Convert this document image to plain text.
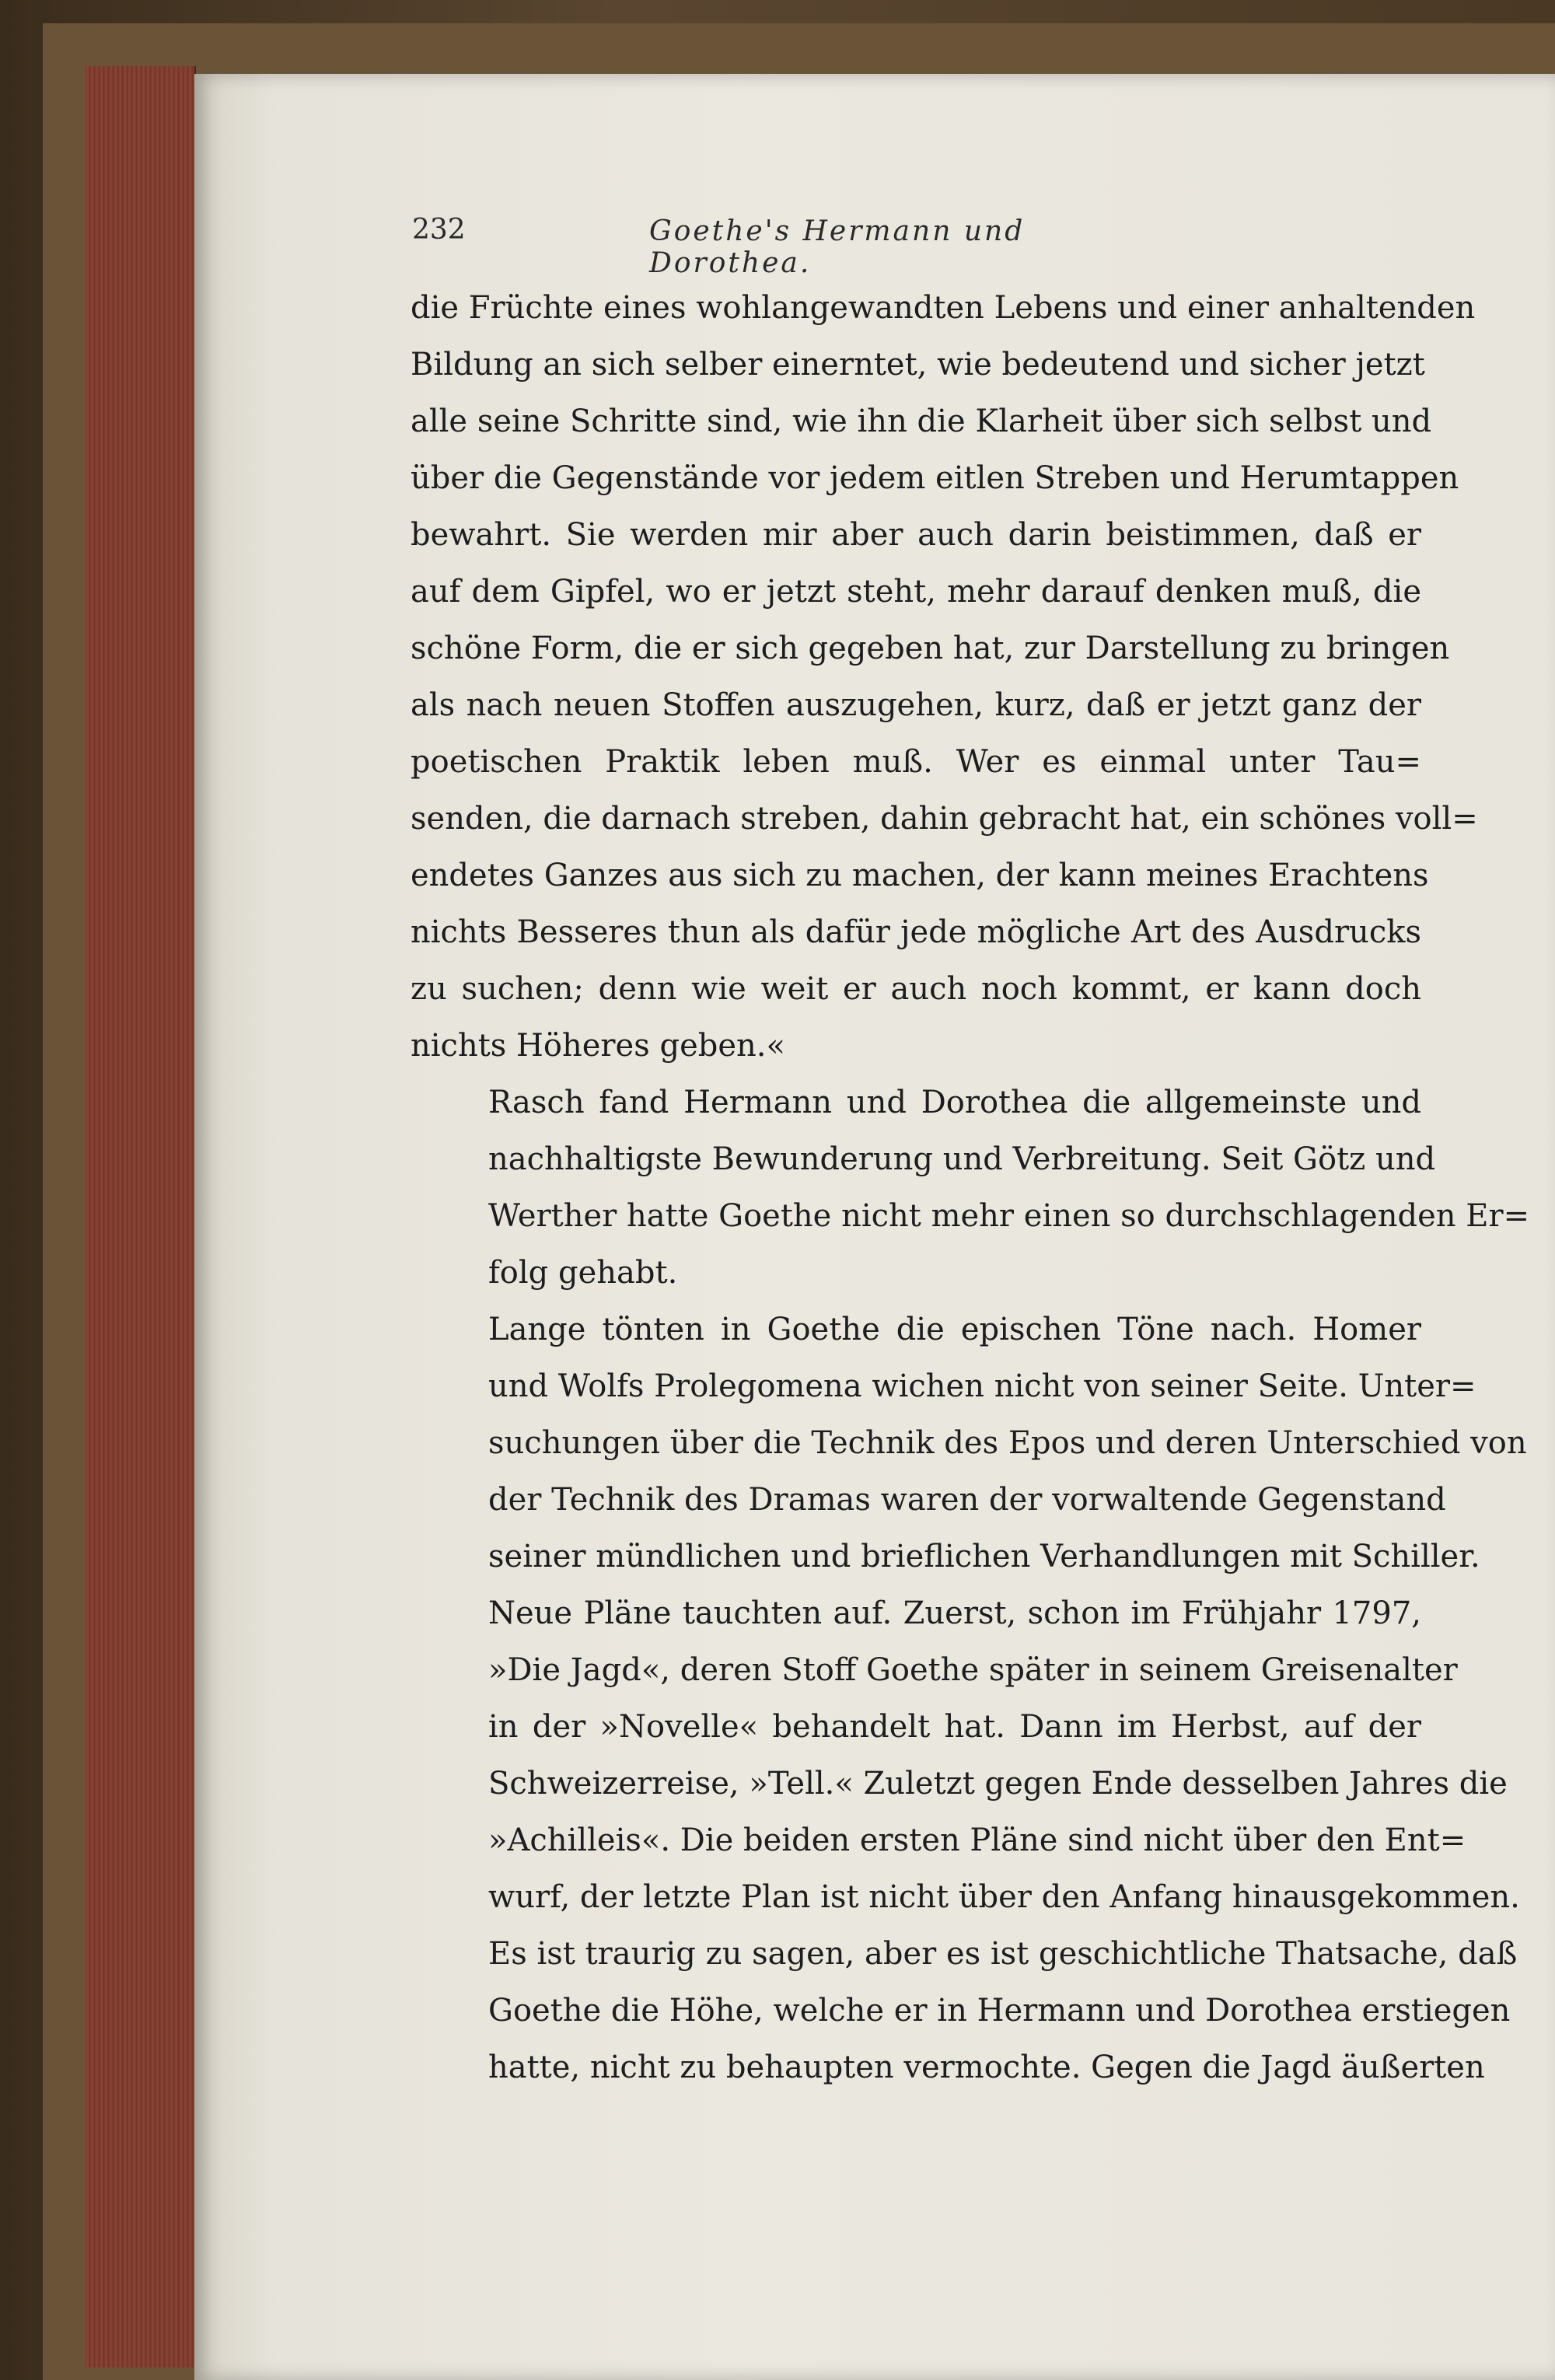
232	Goethe's Hermann und Dorothea.
die Früchte eines wohlangewandten Lebens und einer anhaltenden
Bildung an sich selber einerntet, wie bedeutend und sicher jetzt
alle seine Schritte sind, wie ihn die Klarheit über sich selbst und
über die Gegenstände vor jedem eitlen Streben und Herumtappen
bewahrt. Sie werden mir aber auch darin beistimmen, daß er
auf dem Gipfel, wo er jetzt steht, mehr darauf denken muß, die
schöne Form, die er sich gegeben hat, zur Darstellung zu bringen
als nach neuen Stoffen auszugehen, kurz, daß er jetzt ganz der
poetischen Praktik leben muß. Wer es einmal unter Tau=
senden, die darnach streben, dahin gebracht hat, ein schönes voll=
endetes Ganzes aus sich zu machen, der kann meines Erachtens
nichts Besseres thun als dafür jede mögliche Art des Ausdrucks
zu suchen; denn wie weit er auch noch kommt, er kann doch
nichts Höheres geben.«
Rasch fand Hermann und Dorothea die allgemeinste und
nachhaltigste Bewunderung und Verbreitung. Seit Götz und
Werther hatte Goethe nicht mehr einen so durchschlagenden Er=
folg gehabt.
Lange tönten in Goethe die epischen Töne nach. Homer
und Wolfs Prolegomena wichen nicht von seiner Seite. Unter=
suchungen über die Technik des Epos und deren Unterschied von
der Technik des Dramas waren der vorwaltende Gegenstand
seiner mündlichen und brieflichen Verhandlungen mit Schiller.
Neue Pläne tauchten auf. Zuerst, schon im Frühjahr 1797,
»Die Jagd«, deren Stoff Goethe später in seinem Greisenalter
in der »Novelle« behandelt hat. Dann im Herbst, auf der
Schweizerreise, »Tell.« Zuletzt gegen Ende desselben Jahres die
»Achilleis«. Die beiden ersten Pläne sind nicht über den Ent=
wurf, der letzte Plan ist nicht über den Anfang hinausgekommen.
Es ist traurig zu sagen, aber es ist geschichtliche Thatsache, daß
Goethe die Höhe, welche er in Hermann und Dorothea erstiegen
hatte, nicht zu behaupten vermochte. Gegen die Jagd äußerten
